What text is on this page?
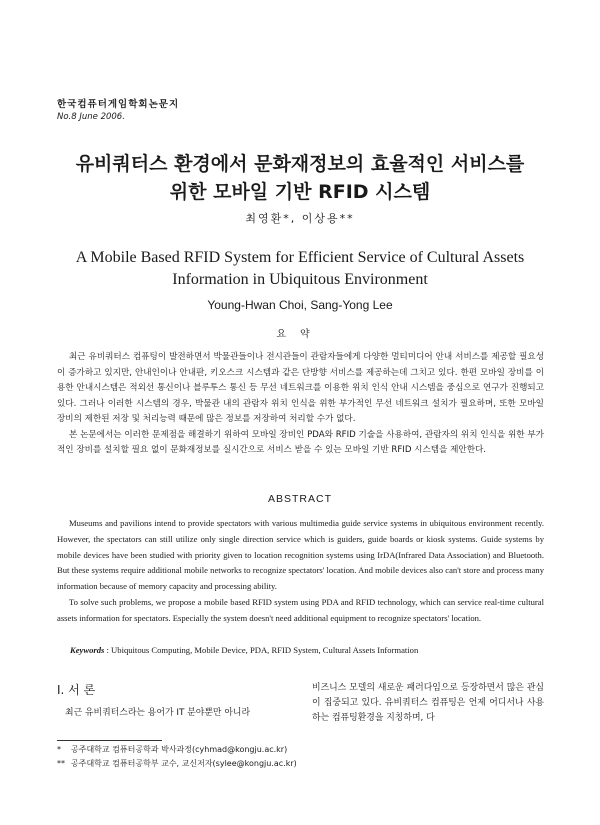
한국컴퓨터게임학회논문지
No.8 June 2006.
유비쿼터스 환경에서 문화재정보의 효율적인 서비스를
위한 모바일 기반 RFID 시스템
최영환*, 이상용**
A Mobile Based RFID System for Efficient Service of Cultural Assets
Information in Ubiquitous Environment
Young-Hwan Choi, Sang-Yong Lee
요약

최근 유비쿼터스 컴퓨팅이 발전하면서 박물관들이나 전시관들이 관람자들에게 다양한 멀티미디어 안내 서비스를 제공할 필요성이 증가하고 있지만, 안내인이나 안내판, 키오스크 시스템과 같은 단방향 서비스를 제공하는데 그치고 있다. 한편 모바일 장비를 이용한 안내시스템은 적외선 통신이나 블루투스 통신 등 무선 네트워크를 이용한 위치 인식 안내 시스템을 중심으로 연구가 진행되고 있다. 그러나 이러한 시스템의 경우, 박물관 내의 관람자 위치 인식을 위한 부가적인 무선 네트워크 설치가 필요하며, 또한 모바일 장비의 제한된 저장 및 처리능력 때문에 많은 정보를 저장하여 처리할 수가 없다.

본 논문에서는 이러한 문제점을 해결하기 위하여 모바일 장비인 PDA와 RFID 기술을 사용하여, 관람자의 위치 인식을 위한 부가적인 장비를 설치할 필요 없이 문화재정보를 실시간으로 서비스 받을 수 있는 모바일 기반 RFID 시스템을 제안한다.

ABSTRACT

Museums and pavilions intend to provide spectators with various multimedia guide service systems in ubiquitous environment recently. However, the spectators can still utilize only single direction service which is guiders, guide boards or kiosk systems. Guide systems by mobile devices have been studied with priority given to location recognition systems using IrDA(Infrared Data Association) and Bluetooth. But these systems require additional mobile networks to recognize spectators' location. And mobile devices also can't store and process many information because of memory capacity and processing ability.

To solve such problems, we propose a mobile based RFID system using PDA and RFID technology, which can service real-time cultural assets information for spectators. Especially the system doesn't need additional equipment to recognize spectators' location.

Keywords : Ubiquitous Computing, Mobile Device, PDA, RFID System, Cultural Assets Information
Ⅰ. 서 론
최근 유비쿼터스라는 용어가 IT 분야뿐만 아니라
비즈니스 모델의 새로운 패러다임으로 등장하면서 많은 관심이 집중되고 있다. 유비쿼터스 컴퓨팅은 언제 어디서나 사용하는 컴퓨팅환경을 지칭하며, 다
* 공주대학교 컴퓨터공학과 박사과정(cyhmad@kongju.ac.kr)
** 공주대학교 컴퓨터공학부 교수, 교신저자(sylee@kongju.ac.kr)
